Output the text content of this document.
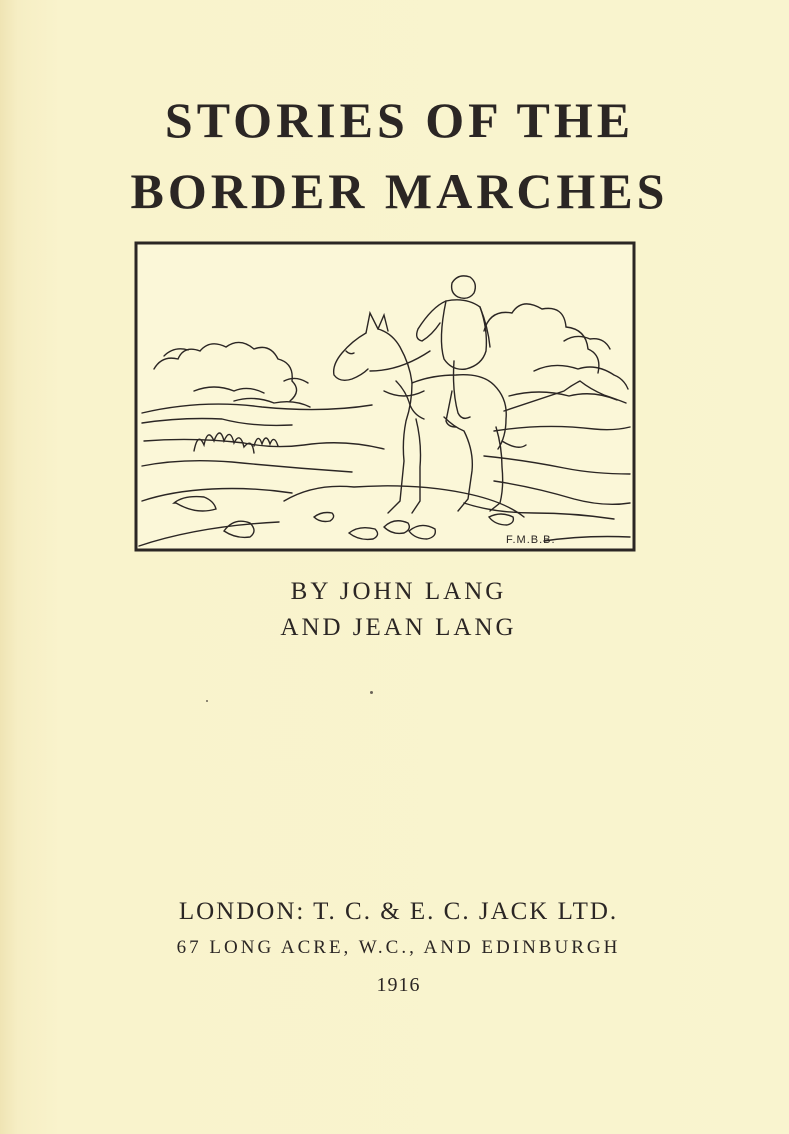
STORIES OF THE
BORDER MARCHES
F.M.B.B.
BY JOHN LANG
AND JEAN LANG
LONDON: T. C. & E. C. JACK LTD.
67 LONG ACRE, W.C., AND EDINBURGH
1916
